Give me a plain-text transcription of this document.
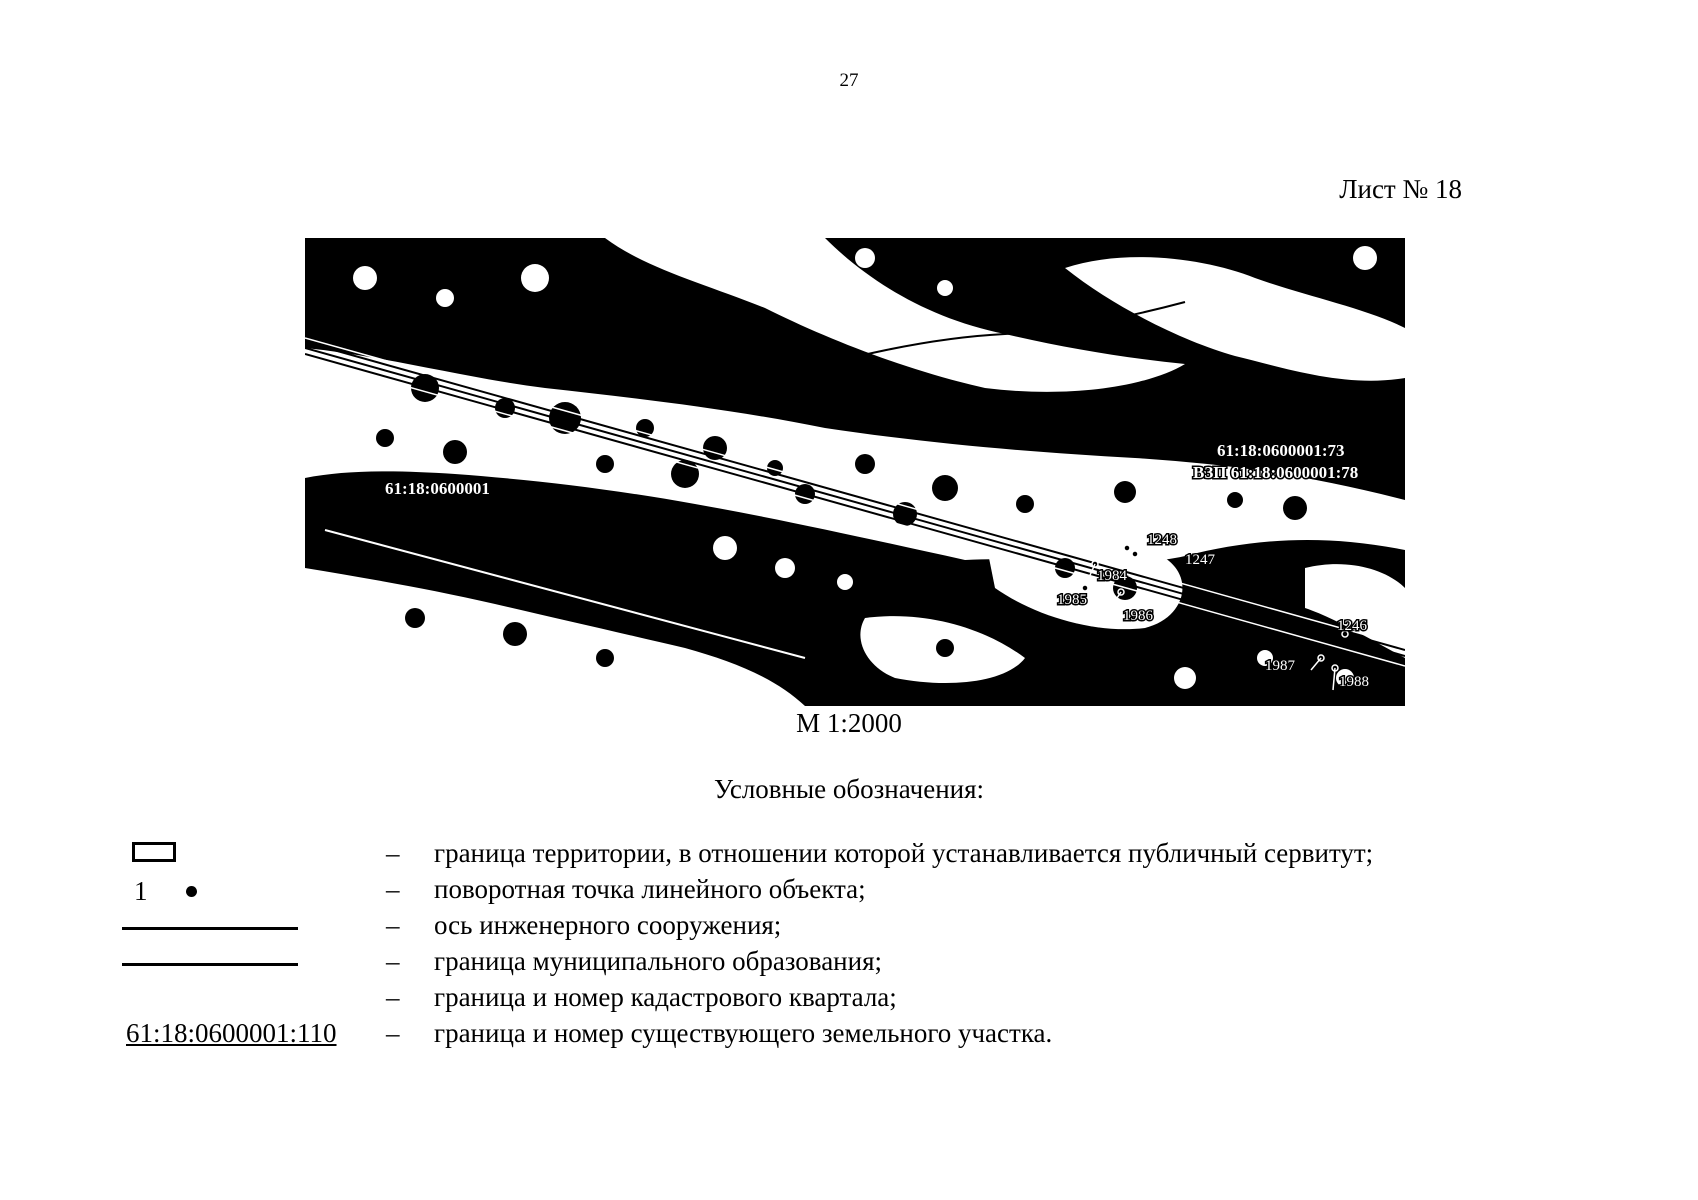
27
Лист № 18
61:18:0600001:73
ВЗП 61:18:0600001:78
61:18:0600001
1248
1247
1984
1985
1986
1246
1987
1988
М 1:2000
Условные обозначения:
– граница территории, в отношении которой устанавливается публичный сервитут;
1	– поворотная точка линейного объекта;
– ось инженерного сооружения;
– граница муниципального образования;
– граница и номер кадастрового квартала;
61:18:0600001:110 – граница и номер существующего земельного участка.
